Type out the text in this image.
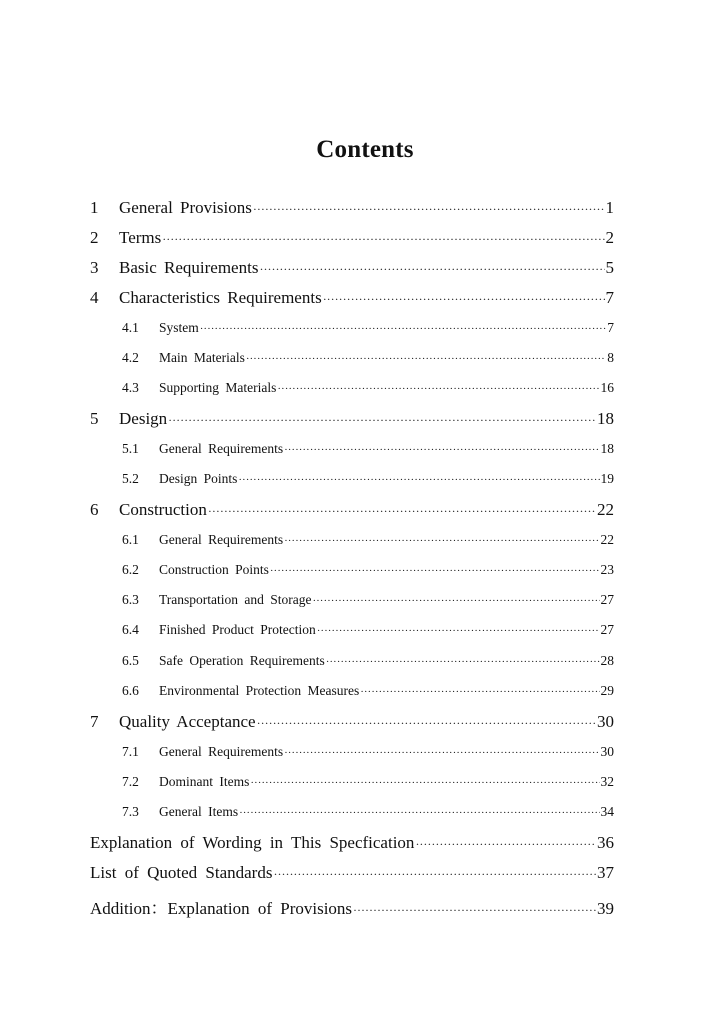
Contents
1	General Provisions ·····	1
2	Terms ·····	2
3	Basic Requirements ·····	5
4	Characteristics Requirements ·····	7
4.1	System ·····	7
4.2	Main Materials ·····	8
4.3	Supporting Materials ·····	16
5	Design ·····	18
5.1	General Requirements ·····	18
5.2	Design Points ·····	19
6	Construction ·····	22
6.1	General Requirements ·····	22
6.2	Construction Points ·····	23
6.3	Transportation and Storage ·····	27
6.4	Finished Product Protection ·····	27
6.5	Safe Operation Requirements ·····	28
6.6	Environmental Protection Measures ·····	29
7	Quality Acceptance ·····	30
7.1	General Requirements ·····	30
7.2	Dominant Items ·····	32
7.3	General Items ·····	34
Explanation of Wording in This Specfication ·····	36
List of Quoted Standards ·····	37
Addition：Explanation of Provisions ·····	39
